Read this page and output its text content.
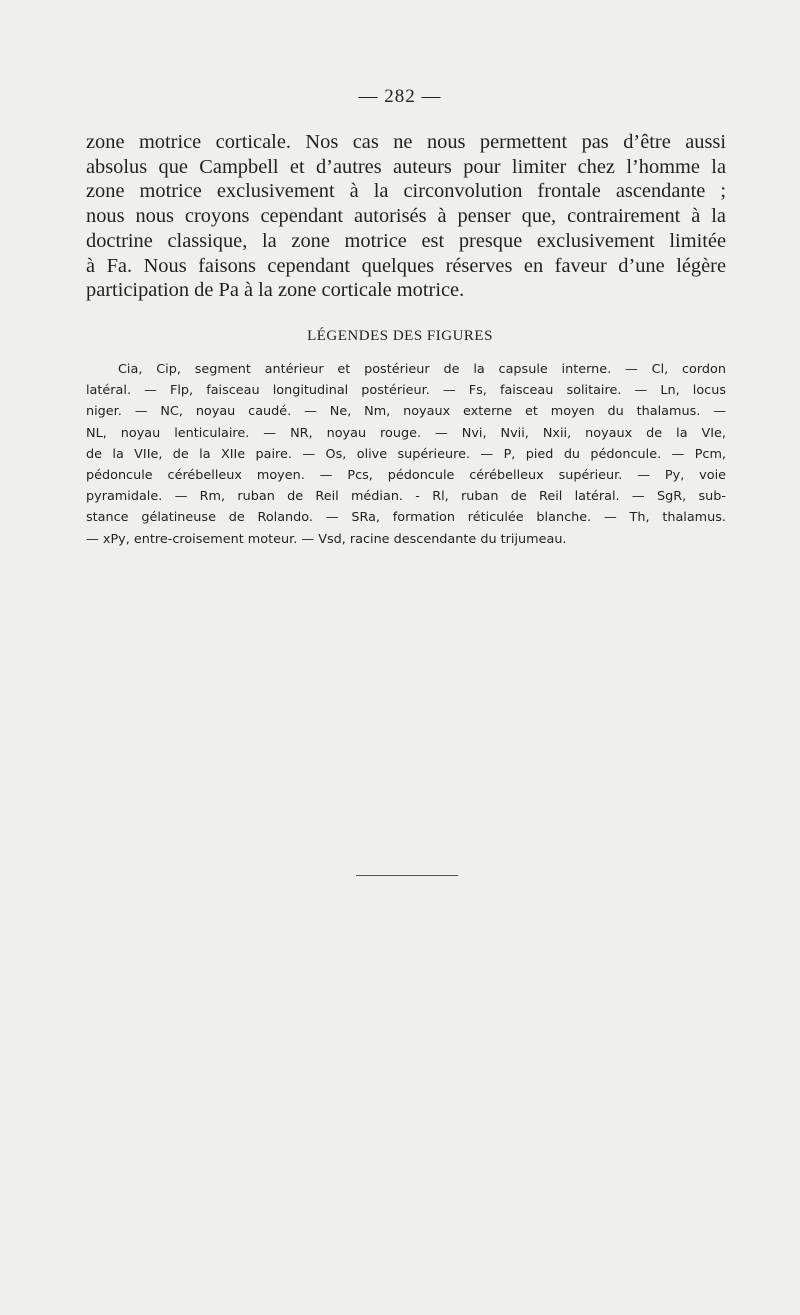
— 282 —
zone motrice corticale. Nos cas ne nous permettent pas d’être aussi
absolus que Campbell et d’autres auteurs pour limiter chez l’homme la
zone motrice exclusivement à la circonvolution frontale ascendante ;
nous nous croyons cependant autorisés à penser que, contrairement à la
doctrine classique, la zone motrice est presque exclusivement limitée
à Fa. Nous faisons cependant quelques réserves en faveur d’une légère
participation de Pa à la zone corticale motrice.
LÉGENDES DES FIGURES
Cia, Cip, segment antérieur et postérieur de la capsule interne. — Cl, cordon
latéral. — Flp, faisceau longitudinal postérieur. — Fs, faisceau solitaire. — Ln, locus
niger. — NC, noyau caudé. — Ne, Nm, noyaux externe et moyen du thalamus. —
NL, noyau lenticulaire. — NR, noyau rouge. — Nvi, Nvii, Nxii, noyaux de la VIe,
de la VIIe, de la XIIe paire. — Os, olive supérieure. — P, pied du pédoncule. — Pcm,
pédoncule cérébelleux moyen. — Pcs, pédoncule cérébelleux supérieur. — Py, voie
pyramidale. — Rm, ruban de Reil médian. - Rl, ruban de Reil latéral. — SgR, sub-
stance gélatineuse de Rolando. — SRa, formation réticulée blanche. — Th, thalamus.
— xPy, entre-croisement moteur. — Vsd, racine descendante du trijumeau.
